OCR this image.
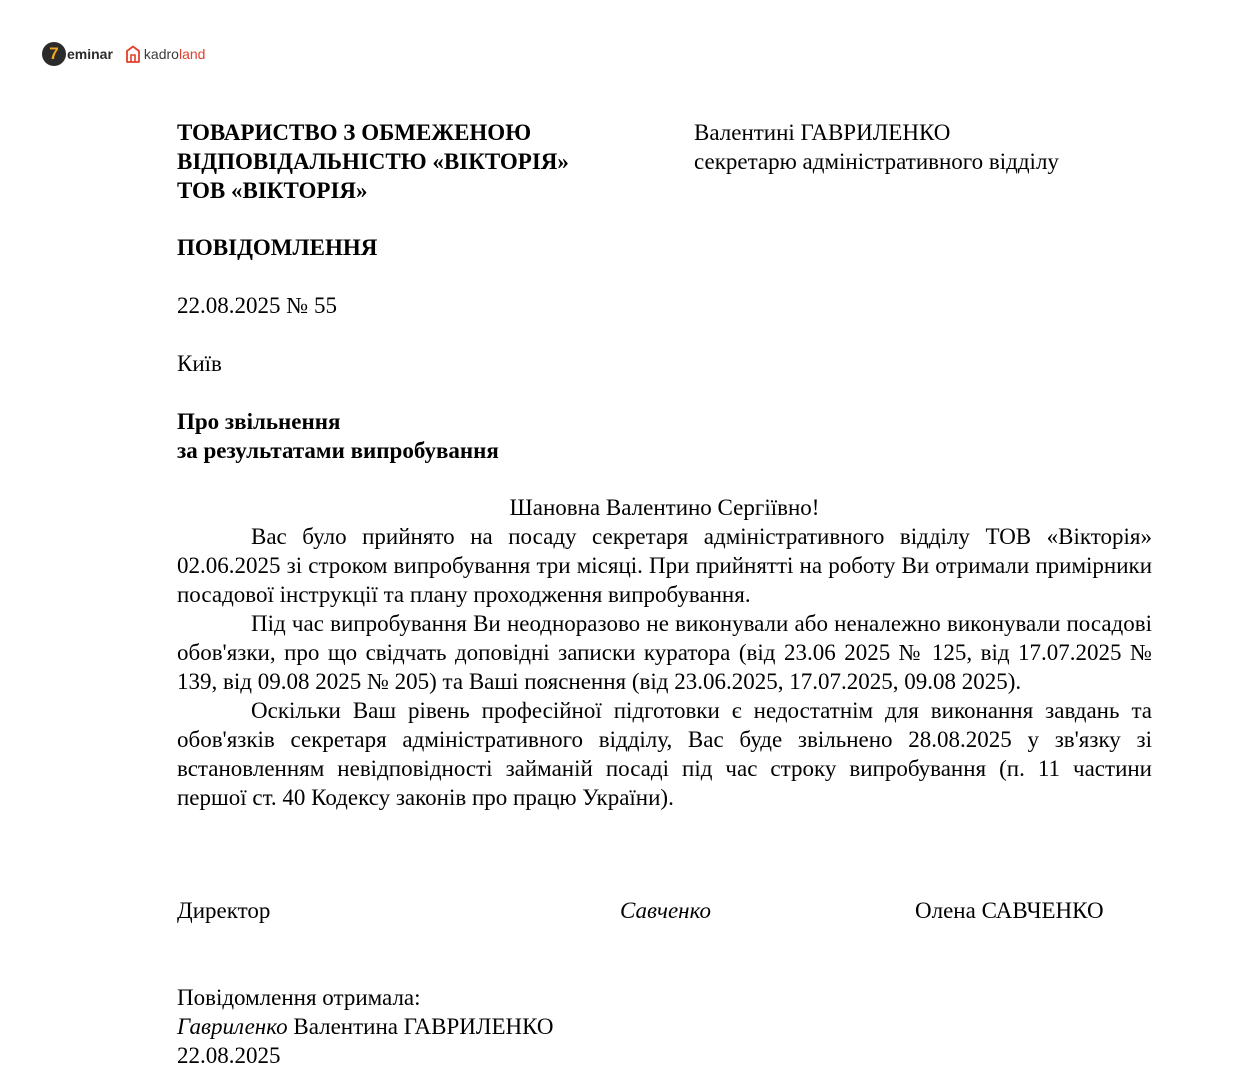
7 eminar kadroland
ТОВАРИСТВО З ОБМЕЖЕНОЮ
ВІДПОВІДАЛЬНІСТЮ «ВІКТОРІЯ»
ТОВ «ВІКТОРІЯ»
Валентині ГАВРИЛЕНКО
секретарю адміністративного відділу
ПОВІДОМЛЕННЯ
22.08.2025 № 55
Київ
Про звільнення
за результатами випробування
Шановна Валентино Сергіївно!

Вас було прийнято на посаду секретаря адміністративного відділу ТОВ «Вікторія» 02.06.2025 зі строком випробування три місяці. При прийнятті на роботу Ви отримали примірники посадової інструкції та плану проходження випробування.

Під час випробування Ви неодноразово не виконували або неналежно виконували посадові обов'язки, про що свідчать доповідні записки куратора (від 23.06 2025 № 125, від 17.07.2025 № 139, від 09.08 2025 № 205) та Ваші пояснення (від 23.06.2025, 17.07.2025, 09.08 2025).

Оскільки Ваш рівень професійної підготовки є недостатнім для виконання завдань та обов'язків секретаря адміністративного відділу, Вас буде звільнено 28.08.2025 у зв'язку зі встановленням невідповідності займаній посаді під час строку випробування (п. 11 частини першої ст. 40 Кодексу законів про працю України).

Директор	Савченко	Олена САВЧЕНКО
Повідомлення отримала:
Гавриленко Валентина ГАВРИЛЕНКО
22.08.2025
